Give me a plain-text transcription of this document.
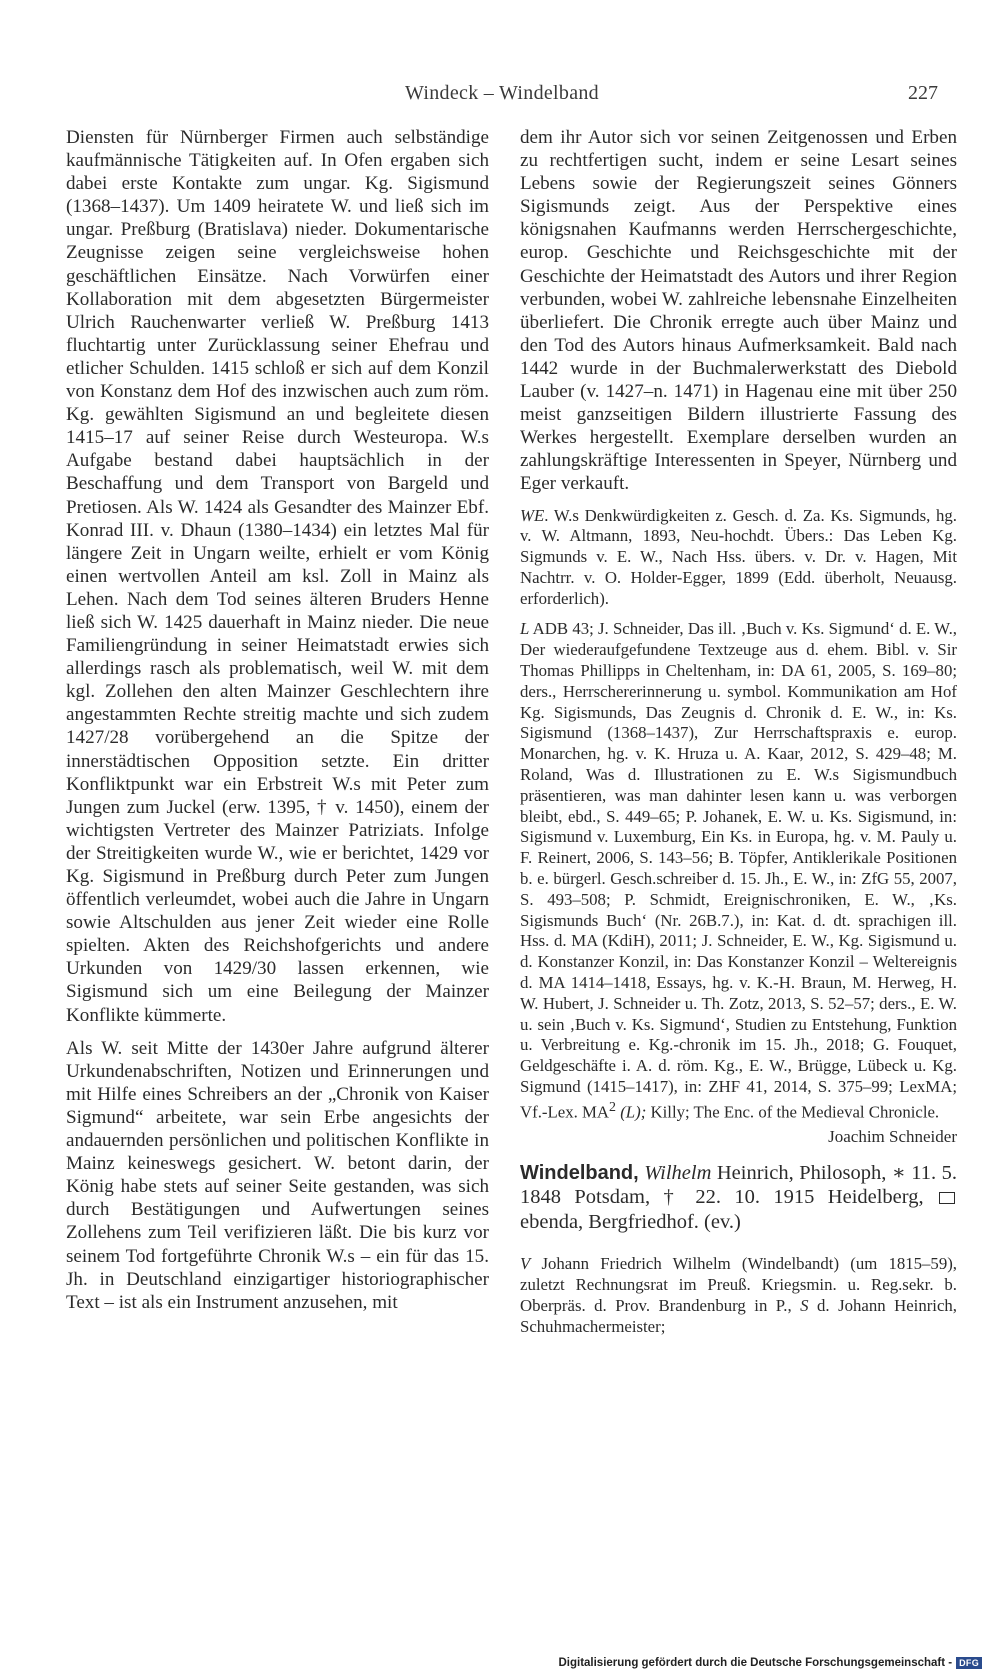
Windeck – Windelband	227

Diensten für Nürnberger Firmen auch selbständige kaufmännische Tätigkeiten auf. In Ofen ergaben sich dabei erste Kontakte zum ungar. Kg. Sigismund (1368–1437). Um 1409 heiratete W. und ließ sich im ungar. Preßburg (Bratislava) nieder. Dokumentarische Zeugnisse zeigen seine vergleichsweise hohen geschäftlichen Einsätze. Nach Vorwürfen einer Kollaboration mit dem abgesetzten Bürgermeister Ulrich Rauchenwarter verließ W. Preßburg 1413 fluchtartig unter Zurücklassung seiner Ehefrau und etlicher Schulden. 1415 schloß er sich auf dem Konzil von Konstanz dem Hof des inzwischen auch zum röm. Kg. gewählten Sigismund an und begleitete diesen 1415–17 auf seiner Reise durch Westeuropa. W.s Aufgabe bestand dabei hauptsächlich in der Beschaffung und dem Transport von Bargeld und Pretiosen. Als W. 1424 als Gesandter des Mainzer Ebf. Konrad III. v. Dhaun (1380–1434) ein letztes Mal für längere Zeit in Ungarn weilte, erhielt er vom König einen wertvollen Anteil am ksl. Zoll in Mainz als Lehen. Nach dem Tod seines älteren Bruders Henne ließ sich W. 1425 dauerhaft in Mainz nieder. Die neue Familiengründung in seiner Heimatstadt erwies sich allerdings rasch als problematisch, weil W. mit dem kgl. Zollehen den alten Mainzer Geschlechtern ihre angestammten Rechte streitig machte und sich zudem 1427/28 vorübergehend an die Spitze der innerstädtischen Opposition setzte. Ein dritter Konfliktpunkt war ein Erbstreit W.s mit Peter zum Jungen zum Juckel (erw. 1395, † v. 1450), einem der wichtigsten Vertreter des Mainzer Patriziats. Infolge der Streitigkeiten wurde W., wie er berichtet, 1429 vor Kg. Sigismund in Preßburg durch Peter zum Jungen öffentlich verleumdet, wobei auch die Jahre in Ungarn sowie Altschulden aus jener Zeit wieder eine Rolle spielten. Akten des Reichshofgerichts und andere Urkunden von 1429/30 lassen erkennen, wie Sigismund sich um eine Beilegung der Mainzer Konflikte kümmerte.

Als W. seit Mitte der 1430er Jahre aufgrund älterer Urkundenabschriften, Notizen und Erinnerungen und mit Hilfe eines Schreibers an der „Chronik von Kaiser Sigmund“ arbeitete, war sein Erbe angesichts der andauernden persönlichen und politischen Konflikte in Mainz keineswegs gesichert. W. betont darin, der König habe stets auf seiner Seite gestanden, was sich durch Bestätigungen und Aufwertungen seines Zollehens zum Teil verifizieren läßt. Die bis kurz vor seinem Tod fortgeführte Chronik W.s – ein für das 15. Jh. in Deutschland einzigartiger historiographischer Text – ist als ein Instrument anzusehen, mit

dem ihr Autor sich vor seinen Zeitgenossen und Erben zu rechtfertigen sucht, indem er seine Lesart seines Lebens sowie der Regierungszeit seines Gönners Sigismunds zeigt. Aus der Perspektive eines königsnahen Kaufmanns werden Herrschergeschichte, europ. Geschichte und Reichsgeschichte mit der Geschichte der Heimatstadt des Autors und ihrer Region verbunden, wobei W. zahlreiche lebensnahe Einzelheiten überliefert. Die Chronik erregte auch über Mainz und den Tod des Autors hinaus Aufmerksamkeit. Bald nach 1442 wurde in der Buchmalerwerkstatt des Diebold Lauber (v. 1427–n. 1471) in Hagenau eine mit über 250 meist ganzseitigen Bildern illustrierte Fassung des Werkes hergestellt. Exemplare derselben wurden an zahlungskräftige Interessenten in Speyer, Nürnberg und Eger verkauft.

WE. W.s Denkwürdigkeiten z. Gesch. d. Za. Ks. Sigmunds, hg. v. W. Altmann, 1893, Neu-hochdt. Übers.: Das Leben Kg. Sigmunds v. E. W., Nach Hss. übers. v. Dr. v. Hagen, Mit Nachtrr. v. O. Holder-Egger, 1899 (Edd. überholt, Neuausg. erforderlich).

L ADB 43; J. Schneider, Das ill. ‚Buch v. Ks. Sigmund‘ d. E. W., Der wiederaufgefundene Textzeuge aus d. ehem. Bibl. v. Sir Thomas Phillipps in Cheltenham, in: DA 61, 2005, S. 169–80; ders., Herrschererinnerung u. symbol. Kommunikation am Hof Kg. Sigismunds, Das Zeugnis d. Chronik d. E. W., in: Ks. Sigismund (1368–1437), Zur Herrschaftspraxis e. europ. Monarchen, hg. v. K. Hruza u. A. Kaar, 2012, S. 429–48; M. Roland, Was d. Illustrationen zu E. W.s Sigismundbuch präsentieren, was man dahinter lesen kann u. was verborgen bleibt, ebd., S. 449–65; P. Johanek, E. W. u. Ks. Sigismund, in: Sigismund v. Luxemburg, Ein Ks. in Europa, hg. v. M. Pauly u. F. Reinert, 2006, S. 143–56; B. Töpfer, Antiklerikale Positionen b. e. bürgerl. Gesch.schreiber d. 15. Jh., E. W., in: ZfG 55, 2007, S. 493–508; P. Schmidt, Ereignischroniken, E. W., ‚Ks. Sigismunds Buch‘ (Nr. 26B.7.), in: Kat. d. dt. sprachigen ill. Hss. d. MA (KdiH), 2011; J. Schneider, E. W., Kg. Sigismund u. d. Konstanzer Konzil, in: Das Konstanzer Konzil – Weltereignis d. MA 1414–1418, Essays, hg. v. K.-H. Braun, M. Herweg, H. W. Hubert, J. Schneider u. Th. Zotz, 2013, S. 52–57; ders., E. W. u. sein ‚Buch v. Ks. Sigmund‘, Studien zu Entstehung, Funktion u. Verbreitung e. Kg.-chronik im 15. Jh., 2018; G. Fouquet, Geldgeschäfte i. A. d. röm. Kg., E. W., Brügge, Lübeck u. Kg. Sigmund (1415–1417), in: ZHF 41, 2014, S. 375–99; LexMA; Vf.-Lex. $MA^2$ (L); Killy; The Enc. of the Medieval Chronicle.

Joachim Schneider

Windelband, Wilhelm Heinrich, Philosoph, ∗ 11. 5. 1848 Potsdam, † 22. 10. 1915 Heidelberg,  ebenda, Bergfriedhof. (ev.)

V Johann Friedrich Wilhelm (Windelbandt) (um 1815–59), zuletzt Rechnungsrat im Preuß. Kriegsmin. u. Reg.sekr. b. Oberpräs. d. Prov. Brandenburg in P., S d. Johann Heinrich, Schuhmachermeister;

Digitalisierung gefördert durch die Deutsche Forschungsgemeinschaft - DFG
